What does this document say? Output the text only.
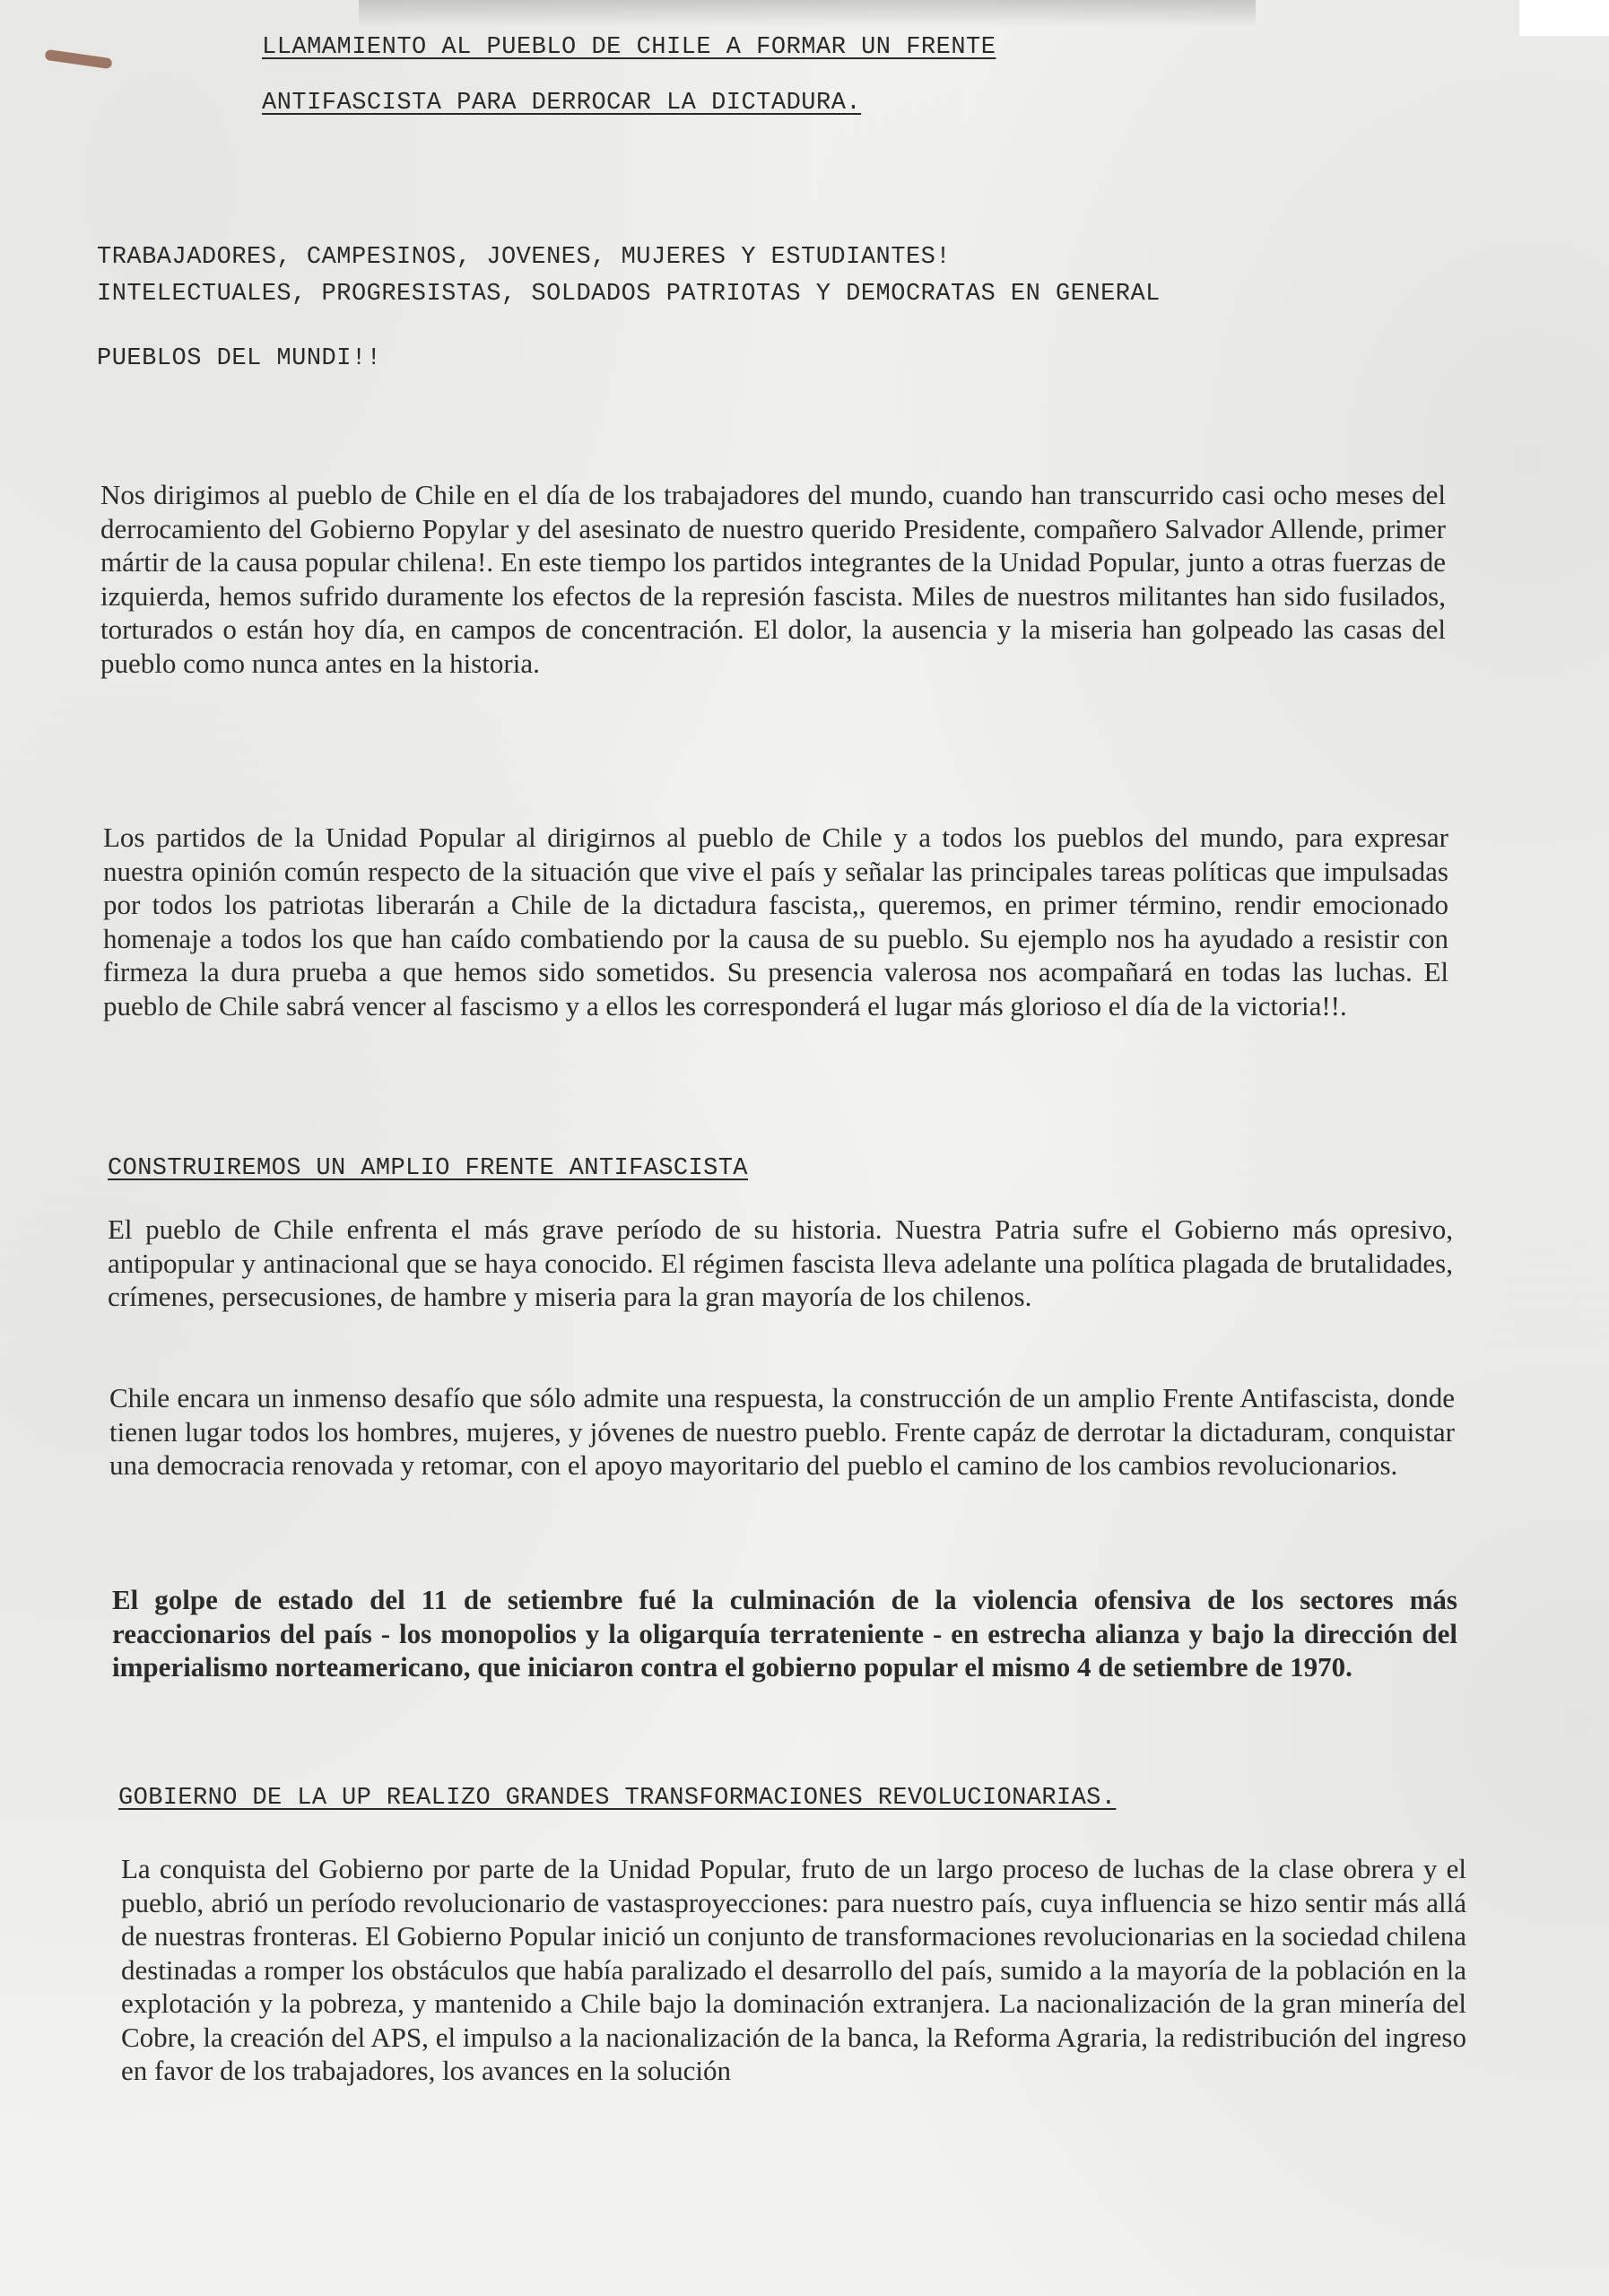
LLAMAMIENTO AL PUEBLO DE CHILE A FORMAR UN FRENTE
ANTIFASCISTA PARA DERROCAR LA DICTADURA.
TRABAJADORES, CAMPESINOS, JOVENES, MUJERES Y ESTUDIANTES!
INTELECTUALES, PROGRESISTAS, SOLDADOS PATRIOTAS Y DEMOCRATAS EN GENERAL
PUEBLOS DEL MUNDI!!

Nos dirigimos al pueblo de Chile en el día de los trabajadores del mundo, cuando han transcurrido casi ocho meses del derrocamiento del Gobierno Popylar y del asesinato de nuestro querido Presidente, compañero Salvador Allende, primer mártir de la causa popular chilena!. En este tiempo los partidos integrantes de la Unidad Popular, junto a otras fuerzas de izquierda, hemos sufrido duramente los efectos de la represión fascista. Miles de nuestros militantes han sido fusilados, torturados o están hoy día, en campos de concentración. El dolor, la ausencia y la miseria han golpeado las casas del pueblo como nunca antes en la historia.

Los partidos de la Unidad Popular al dirigirnos al pueblo de Chile y a todos los pueblos del mundo, para expresar nuestra opinión común respecto de la situación que vive el país y señalar las principales tareas políticas que impulsadas por todos los patriotas liberarán a Chile de la dictadura fascista,, queremos, en primer término, rendir emocionado homenaje a todos los que han caído combatiendo por la causa de su pueblo. Su ejemplo nos ha ayudado a resistir con firmeza la dura prueba a que hemos sido sometidos. Su presencia valerosa nos acompañará en todas las luchas. El pueblo de Chile sabrá vencer al fascismo y a ellos les corresponderá el lugar más glorioso el día de la victoria!!.

CONSTRUIREMOS UN AMPLIO FRENTE ANTIFASCISTA

El pueblo de Chile enfrenta el más grave período de su historia. Nuestra Patria sufre el Gobierno más opresivo, antipopular y antinacional que se haya conocido. El régimen fascista lleva adelante una política plagada de brutalidades, crímenes, persecusiones, de hambre y miseria para la gran mayoría de los chilenos.

Chile encara un inmenso desafío que sólo admite una respuesta, la construcción de un amplio Frente Antifascista, donde tienen lugar todos los hombres, mujeres, y jóvenes de nuestro pueblo. Frente capáz de derrotar la dictaduram, conquistar una democracia renovada y retomar, con el apoyo mayoritario del pueblo el camino de los cambios revolucionarios.

El golpe de estado del 11 de setiembre fué la culminación de la violencia ofensiva de los sectores más reaccionarios del país - los monopolios y la oligarquía terrateniente - en estrecha alianza y bajo la dirección del imperialismo norteamericano, que iniciaron contra el gobierno popular el mismo 4 de setiembre de 1970.

GOBIERNO DE LA UP REALIZO GRANDES TRANSFORMACIONES REVOLUCIONARIAS.

La conquista del Gobierno por parte de la Unidad Popular, fruto de un largo proceso de luchas de la clase obrera y el pueblo, abrió un período revolucionario de vastasproyecciones: para nuestro país, cuya influencia se hizo sentir más allá de nuestras fronteras. El Gobierno Popular inició un conjunto de transformaciones revolucionarias en la sociedad chilena destinadas a romper los obstáculos que había paralizado el desarrollo del país, sumido a la mayoría de la población en la explotación y la pobreza, y mantenido a Chile bajo la dominación extranjera. La nacionalización de la gran minería del Cobre, la creación del APS, el impulso a la nacionalización de la banca, la Reforma Agraria, la redistribución del ingreso en favor de los trabajadores, los avances en la solución
